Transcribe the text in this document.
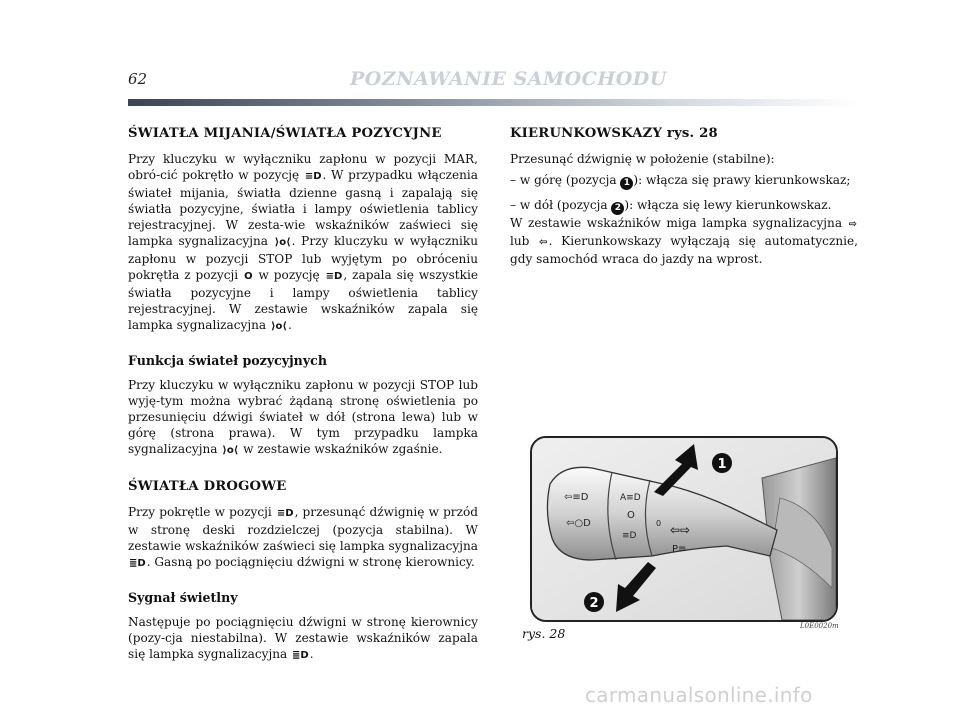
62	POZNAWANIE SAMOCHODU
ŚWIATŁA MIJANIA/ŚWIATŁA POZYCYJNE

Przy kluczyku w wyłączniku zapłonu w pozycji MAR, obró-cić pokrętło w pozycję ≡D. W przypadku włączenia świateł mijania, światła dzienne gasną i zapalają się światła pozycyjne, światła i lampy oświetlenia tablicy rejestracyjnej. W zesta-wie wskaźników zaświeci się lampka sygnalizacyjna ⟩o⟨. Przy kluczyku w wyłączniku zapłonu w pozycji STOP lub wyjętym po obróceniu pokrętła z pozycji O w pozycję ≡D, zapala się wszystkie światła pozycyjne i lampy oświetlenia tablicy rejestracyjnej. W zestawie wskaźników zapala się lampka sygnalizacyjna ⟩o⟨.

Funkcja świateł pozycyjnych

Przy kluczyku w wyłączniku zapłonu w pozycji STOP lub wyję-tym można wybrać żądaną stronę oświetlenia po przesunięciu dźwigi świateł w dół (strona lewa) lub w górę (strona prawa). W tym przypadku lampka sygnalizacyjna ⟩o⟨ w zestawie wskaźników zgaśnie.

ŚWIATŁA DROGOWE

Przy pokrętle w pozycji ≡D, przesunąć dźwignię w przód w stronę deski rozdzielczej (pozycja stabilna). W zestawie wskaźników zaświeci się lampka sygnalizacyjna ≣D. Gasną po pociągnięciu dźwigni w stronę kierownicy.

Sygnał świetlny

Następuje po pociągnięciu dźwigni w stronę kierownicy (pozy-cja niestabilna). W zestawie wskaźników zapala się lampka sygnalizacyjna ≣D.

KIERUNKOWSKAZY rys. 28

Przesunąć dźwignię w położenie (stabilne):

– w górę (pozycja 1 ): włącza się prawy kierunkowskaz;

– w dół (pozycja 2 ): włącza się lewy kierunkowskaz.

W zestawie wskaźników miga lampka sygnalizacyjna ⇨ lub ⇦. Kierunkowskazy wyłączają się automatycznie, gdy samochód wraca do jazdy na wprost.

⇦≡D
⇦○D
A≡D
O
≡D
0 ⇦⇨
P≡
1
2
rys. 28	L0E0020m
carmanualsonline.info
